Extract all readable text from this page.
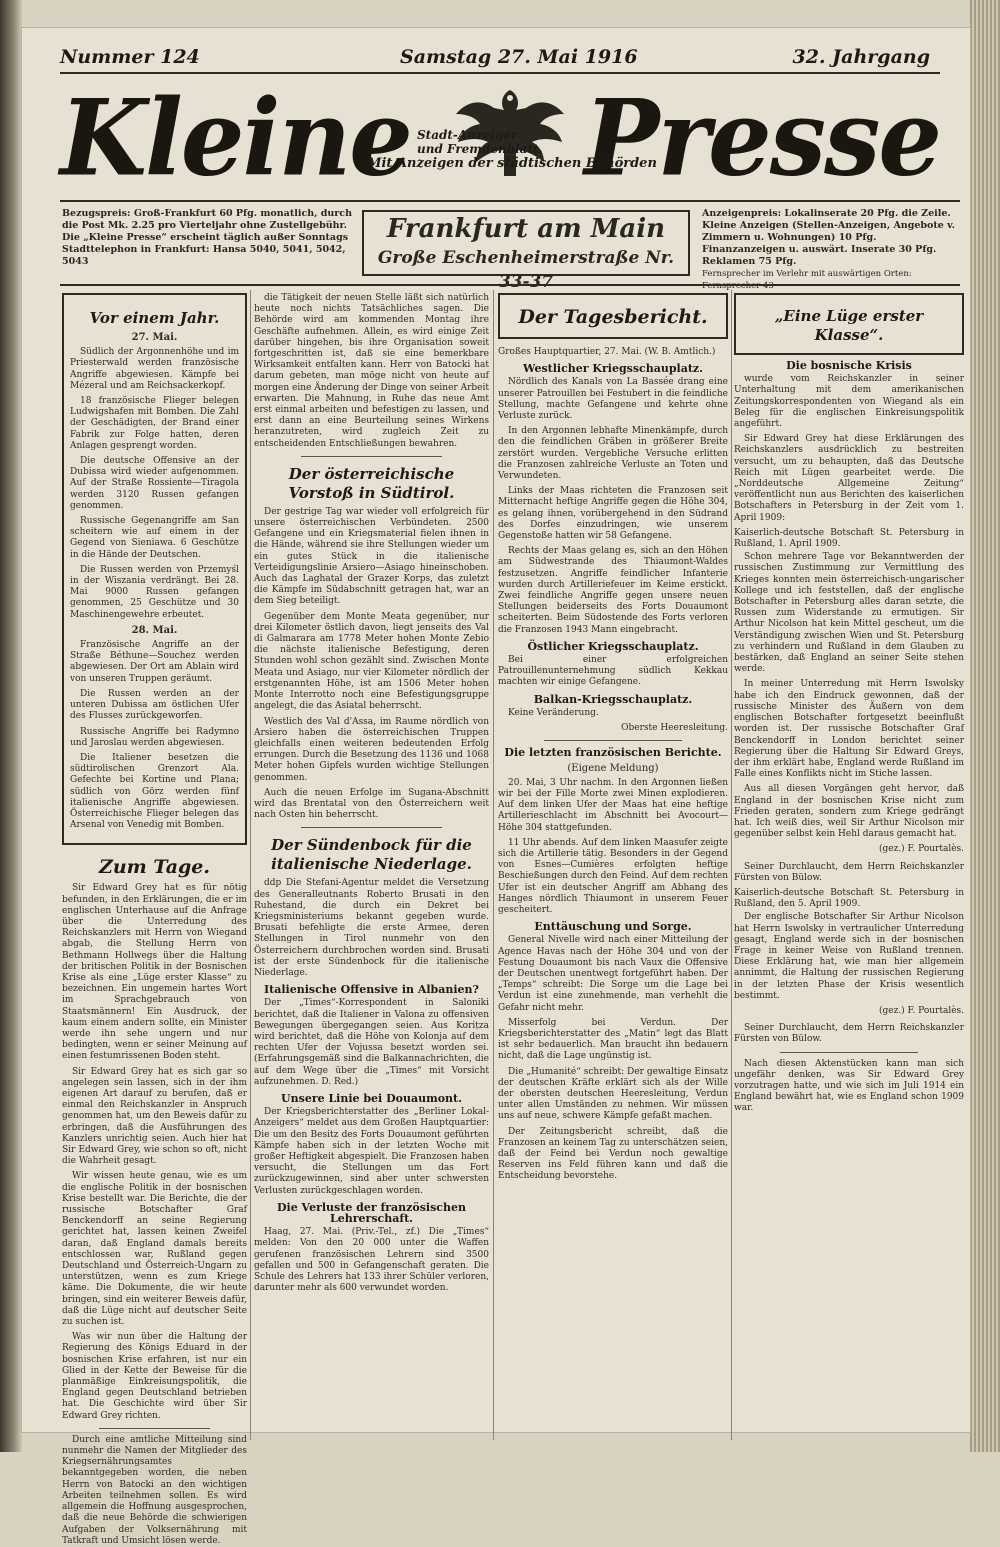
Nummer 124	Samstag 27. Mai 1916	32. Jahrgang
Kleine Presse
Stadt-Anzeiger
und Fremdenblatt.
Mit Anzeigen der städtischen Behörden
Bezugspreis: Groß-Frankfurt 60 Pfg. monatlich, durch die Post Mk. 2.25 pro Vierteljahr ohne Zustellgebühr. Die „Kleine Presse“ erscheint täglich außer Sonntags
Stadttelephon in Frankfurt: Hansa 5040, 5041, 5042, 5043
Frankfurt am Main
Große Eschenheimerstraße Nr. 33-37
Anzeigenpreis: Lokalinserate 20 Pfg. die Zeile. Kleine Anzeigen (Stellen-Anzeigen, Angebote v. Zimmern u. Wohnungen) 10 Pfg. Finanzanzeigen u. auswärt. Inserate 30 Pfg. Reklamen 75 Pfg.
Fernsprecher im Verlehr mit auswärtigen Orten: Fernsprecher 43
Vor einem Jahr.
27. Mai.

Südlich der Argonnenhöhe und im Priesterwald werden französische Angriffe abgewiesen. Kämpfe bei Mézeral und am Reichsackerkopf.

18 französische Flieger belegen Ludwigshafen mit Bomben. Die Zahl der Geschädigten, der Brand einer Fabrik zur Folge hatten, deren Anlagen gesprengt worden.

Die deutsche Offensive an der Dubissa wird wieder aufgenommen. Auf der Straße Rossiente—Tiragola werden 3120 Russen gefangen genommen.

Russische Gegenangriffe am San scheitern wie auf einem in der Gegend von Sieniawa. 6 Geschütze in die Hände der Deutschen.

Die Russen werden von Przemyśl in der Wiszania verdrängt. Bei 28. Mai 9000 Russen gefangen genommen, 25 Geschütze und 30 Maschinengewehre erbeutet.

28. Mai.

Französische Angriffe an der Straße Béthune—Souchez werden abgewiesen. Der Ort am Ablain wird von unseren Truppen geräumt.

Die Russen werden an der unteren Dubissa am östlichen Ufer des Flusses zurückgeworfen.

Russische Angriffe bei Radymno und Jaroslau werden abgewiesen.

Die Italiener besetzen die südtirolischen Grenzort Ala. Gefechte bei Kortine und Plana; südlich von Görz werden fünf italienische Angriffe abgewiesen. Österreichische Flieger belegen das Arsenal von Venedig mit Bomben.

Zum Tage.

Sir Edward Grey hat es für nötig befunden, in den Erklärungen, die er im englischen Unterhause auf die Anfrage über die Unterredung des Reichskanzlers mit Herrn von Wiegand abgab, die Stellung Herrn von Bethmann Hollwegs über die Haltung der britischen Politik in der Bosnischen Krise als eine „Lüge erster Klasse“ zu bezeichnen. Ein ungemein hartes Wort im Sprachgebrauch von Staatsmännern! Ein Ausdruck, der kaum einem andern sollte, ein Minister werde ihn sehe ungern und nur bedingten, wenn er seiner Meinung auf einen festumrissenen Boden steht.

Sir Edward Grey hat es sich gar so angelegen sein lassen, sich in der ihm eigenen Art darauf zu berufen, daß er einmal den Reichskanzler in Anspruch genommen hat, um den Beweis dafür zu erbringen, daß die Ausführungen des Kanzlers unrichtig seien. Auch hier hat Sir Edward Grey, wie schon so oft, nicht die Wahrheit gesagt.

Wir wissen heute genau, wie es um die englische Politik in der bosnischen Krise bestellt war. Die Berichte, die der russische Botschafter Graf Benckendorff an seine Regierung gerichtet hat, lassen keinen Zweifel daran, daß England damals bereits entschlossen war, Rußland gegen Deutschland und Österreich-Ungarn zu unterstützen, wenn es zum Kriege käme. Die Dokumente, die wir heute bringen, sind ein weiterer Beweis dafür, daß die Lüge nicht auf deutscher Seite zu suchen ist.

Was wir nun über die Haltung der Regierung des Königs Eduard in der bosnischen Krise erfahren, ist nur ein Glied in der Kette der Beweise für die planmäßige Einkreisungspolitik, die England gegen Deutschland betrieben hat. Die Geschichte wird über Sir Edward Grey richten.

Durch eine amtliche Mitteilung sind nunmehr die Namen der Mitglieder des Kriegsernährungsamtes bekanntgegeben worden, die neben Herrn von Batocki an den wichtigen Arbeiten teilnehmen sollen. Es wird allgemein die Hoffnung ausgesprochen, daß die neue Behörde die schwierigen Aufgaben der Volksernährung mit Tatkraft und Umsicht lösen werde.

die Tätigkeit der neuen Stelle läßt sich natürlich heute noch nichts Tatsächliches sagen. Die Behörde wird am kommenden Montag ihre Geschäfte aufnehmen. Allein, es wird einige Zeit darüber hingehen, bis ihre Organisation soweit fortgeschritten ist, daß sie eine bemerkbare Wirksamkeit entfalten kann. Herr von Batocki hat darum gebeten, man möge nicht von heute auf morgen eine Änderung der Dinge von seiner Arbeit erwarten. Die Mahnung, in Ruhe das neue Amt erst einmal arbeiten und befestigen zu lassen, und erst dann an eine Beurteilung seines Wirkens heranzutreten, wird zugleich Zeit zu entscheidenden Entschließungen bewahren.

Der österreichische Vorstoß in Südtirol.

Der gestrige Tag war wieder voll erfolgreich für unsere österreichischen Verbündeten. 2500 Gefangene und ein Kriegsmaterial fielen ihnen in die Hände, während sie ihre Stellungen wieder um ein gutes Stück in die italienische Verteidigungslinie Arsiero—Asiago hineinschoben. Auch das Laghatal der Grazer Korps, das zuletzt die Kämpfe im Südabschnitt getragen hat, war an dem Sieg beteiligt.

Gegenüber dem Monte Meata gegenüber, nur drei Kilometer östlich davon, liegt jenseits des Val di Galmarara am 1778 Meter hohen Monte Zebio die nächste italienische Befestigung, deren Stunden wohl schon gezählt sind. Zwischen Monte Meata und Asiago, nur vier Kilometer nördlich der erstgenannten Höhe, ist am 1506 Meter hohen Monte Interrotto noch eine Befestigungsgruppe angelegt, die das Asiatal beherrscht.

Westlich des Val d'Assa, im Raume nördlich von Arsiero haben die österreichischen Truppen gleichfalls einen weiteren bedeutenden Erfolg errungen. Durch die Besetzung des 1136 und 1068 Meter hohen Gipfels wurden wichtige Stellungen genommen.

Auch die neuen Erfolge im Sugana-Abschnitt wird das Brentatal von den Österreichern weit nach Osten hin beherrscht.

Der Sündenbock für die italienische Niederlage.

ddp Die Stefani-Agentur meldet die Versetzung des Generalleutnants Roberto Brusati in den Ruhestand, die durch ein Dekret bei Kriegsministeriums bekannt gegeben wurde. Brusati befehligte die erste Armee, deren Stellungen in Tirol nunmehr von den Österreichern durchbrochen worden sind. Brusati ist der erste Sündenbock für die italienische Niederlage.

Italienische Offensive in Albanien?

Der „Times“-Korrespondent in Saloniki berichtet, daß die Italiener in Valona zu offensiven Bewegungen übergegangen seien. Aus Korițza wird berichtet, daß die Höhe von Kolonja auf dem rechten Ufer der Vojussa besetzt worden sei. (Erfahrungsgemäß sind die Balkannachrichten, die auf dem Wege über die „Times“ mit Vorsicht aufzunehmen. D. Red.)

Unsere Linie bei Douaumont.

Der Kriegsberichterstatter des „Berliner Lokal-Anzeigers“ meldet aus dem Großen Hauptquartier: Die um den Besitz des Forts Douaumont geführten Kämpfe haben sich in der letzten Woche mit großer Heftigkeit abgespielt. Die Franzosen haben versucht, die Stellungen um das Fort zurückzugewinnen, sind aber unter schwersten Verlusten zurückgeschlagen worden.

Die Verluste der französischen Lehrerschaft.

Haag, 27. Mai. (Priv.-Tel., zf.) Die „Times“ melden: Von den 20 000 unter die Waffen gerufenen französischen Lehrern sind 3500 gefallen und 500 in Gefangenschaft geraten. Die Schule des Lehrers hat 133 ihrer Schüler verloren, darunter mehr als 600 verwundet worden.

Der Tagesbericht.
Großes Hauptquartier, 27. Mai. (W. B. Amtlich.)
Westlicher Kriegsschauplatz.

Nördlich des Kanals von La Bassée drang eine unserer Patrouillen bei Festubert in die feindliche Stellung, machte Gefangene und kehrte ohne Verluste zurück.

In den Argonnen lebhafte Minenkämpfe, durch den die feindlichen Gräben in größerer Breite zerstört wurden. Vergebliche Versuche erlitten die Franzosen zahlreiche Verluste an Toten und Verwundeten.

Links der Maas richteten die Franzosen seit Mitternacht heftige Angriffe gegen die Höhe 304, es gelang ihnen, vorübergehend in den Südrand des Dorfes einzudringen, wie unserem Gegenstoße hatten wir 58 Gefangene.

Rechts der Maas gelang es, sich an den Höhen am Südwestrande des Thiaumont-Waldes festzusetzen. Angriffe feindlicher Infanterie wurden durch Artilleriefeuer im Keime erstickt. Zwei feindliche Angriffe gegen unsere neuen Stellungen beiderseits des Forts Douaumont scheiterten. Beim Südostende des Forts verloren die Franzosen 1943 Mann eingebracht.

Östlicher Kriegsschauplatz.

Bei einer erfolgreichen Patrouillenunternehmung südlich Kekkau machten wir einige Gefangene.

Balkan-Kriegsschauplatz.

Keine Veränderung.

Oberste Heeresleitung.
Die letzten französischen Berichte.
(Eigene Meldung)

20. Mai, 3 Uhr nachm. In den Argonnen ließen wir bei der Fille Morte zwei Minen explodieren. Auf dem linken Ufer der Maas hat eine heftige Artillerieschlacht im Abschnitt bei Avocourt—Höhe 304 stattgefunden.

11 Uhr abends. Auf dem linken Maasufer zeigte sich die Artillerie tätig. Besonders in der Gegend von Esnes—Cumières erfolgten heftige Beschießungen durch den Feind. Auf dem rechten Ufer ist ein deutscher Angriff am Abhang des Hanges nördlich Thiaumont in unserem Feuer gescheitert.

Enttäuschung und Sorge.

General Nivelle wird nach einer Mitteilung der Agence Havas nach der Höhe 304 und von der Festung Douaumont bis nach Vaux die Offensive der Deutschen unentwegt fortgeführt haben. Der „Temps“ schreibt: Die Sorge um die Lage bei Verdun ist eine zunehmende, man verhehlt die Gefahr nicht mehr.

Misserfolg bei Verdun. Der Kriegsberichterstatter des „Matin“ legt das Blatt ist sehr bedauerlich. Man braucht ihn bedauern nicht, daß die Lage ungünstig ist.

Die „Humanité“ schreibt: Der gewaltige Einsatz der deutschen Kräfte erklärt sich als der Wille der obersten deutschen Heeresleitung, Verdun unter allen Umständen zu nehmen. Wir müssen uns auf neue, schwere Kämpfe gefaßt machen.

Der Zeitungsbericht schreibt, daß die Franzosen an keinem Tag zu unterschätzen seien, daß der Feind bei Verdun noch gewaltige Reserven ins Feld führen kann und daß die Entscheidung bevorstehe.

„Eine Lüge erster Klasse“.
Die bosnische Krisis

wurde vom Reichskanzler in seiner Unterhaltung mit dem amerikanischen Zeitungskorrespondenten von Wiegand als ein Beleg für die englischen Einkreisungspolitik angeführt.

Sir Edward Grey hat diese Erklärungen des Reichskanzlers ausdrücklich zu bestreiten versucht, um zu behaupten, daß das Deutsche Reich mit Lügen gearbeitet werde. Die „Norddeutsche Allgemeine Zeitung“ veröffentlicht nun aus Berichten des kaiserlichen Botschafters in Petersburg in der Zeit vom 1. April 1909:

Kaiserlich-deutsche Botschaft St. Petersburg in Rußland, 1. April 1909.

Schon mehrere Tage vor Bekanntwerden der russischen Zustimmung zur Vermittlung des Krieges konnten mein österreichisch-ungarischer Kollege und ich feststellen, daß der englische Botschafter in Petersburg alles daran setzte, die Russen zum Widerstande zu ermutigen. Sir Arthur Nicolson hat kein Mittel gescheut, um die Verständigung zwischen Wien und St. Petersburg zu verhindern und Rußland in dem Glauben zu bestärken, daß England an seiner Seite stehen werde.

In meiner Unterredung mit Herrn Iswolsky habe ich den Eindruck gewonnen, daß der russische Minister des Äußern von dem englischen Botschafter fortgesetzt beeinflußt worden ist. Der russische Botschafter Graf Benckendorff in London berichtet seiner Regierung über die Haltung Sir Edward Greys, der ihm erklärt habe, England werde Rußland im Falle eines Konflikts nicht im Stiche lassen.

Aus all diesen Vorgängen geht hervor, daß England in der bosnischen Krise nicht zum Frieden geraten, sondern zum Kriege gedrängt hat. Ich weiß dies, weil Sir Arthur Nicolson mir gegenüber selbst kein Hehl daraus gemacht hat.

(gez.) F. Pourtalès.

Seiner Durchlaucht, dem Herrn Reichskanzler Fürsten von Bülow.

Kaiserlich-deutsche Botschaft St. Petersburg in Rußland, den 5. April 1909.

Der englische Botschafter Sir Arthur Nicolson hat Herrn Iswolsky in vertraulicher Unterredung gesagt, England werde sich in der bosnischen Frage in keiner Weise von Rußland trennen. Diese Erklärung hat, wie man hier allgemein annimmt, die Haltung der russischen Regierung in der letzten Phase der Krisis wesentlich bestimmt.

(gez.) F. Pourtalès.

Seiner Durchlaucht, dem Herrn Reichskanzler Fürsten von Bülow.

Nach diesen Aktenstücken kann man sich ungefähr denken, was Sir Edward Grey vorzutragen hatte, und wie sich im Juli 1914 ein England bewährt hat, wie es England schon 1909 war.
